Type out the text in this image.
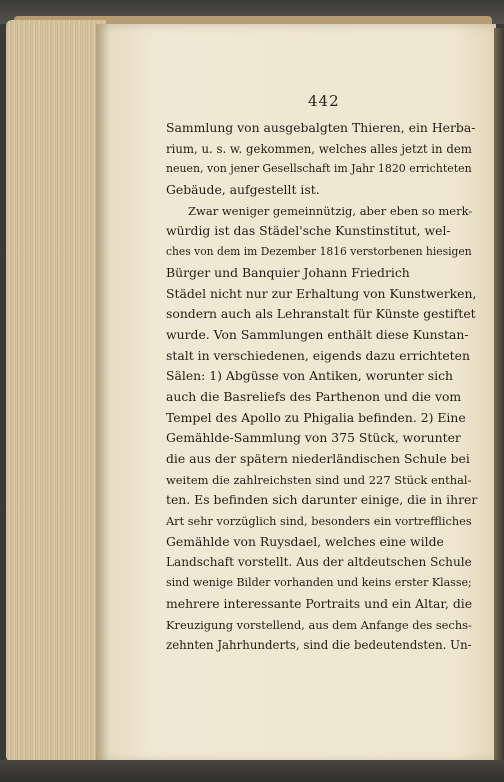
442
Sammlung von ausgebalgten Thieren, ein Herba-
rium, u. s. w. gekommen, welches alles jetzt in dem
neuen, von jener Gesellschaft im Jahr 1820 errichteten
Gebäude, aufgestellt ist.
Zwar weniger gemeinnützig, aber eben so merk-
würdig ist das Städel'sche Kunstinstitut, wel-
ches von dem im Dezember 1816 verstorbenen hiesigen
Bürger und Banquier Johann Friedrich
Städel nicht nur zur Erhaltung von Kunstwerken,
sondern auch als Lehranstalt für Künste gestiftet
wurde. Von Sammlungen enthält diese Kunstan-
stalt in verschiedenen, eigends dazu errichteten
Sälen: 1) Abgüsse von Antiken, worunter sich
auch die Basreliefs des Parthenon und die vom
Tempel des Apollo zu Phigalia befinden. 2) Eine
Gemählde-Sammlung von 375 Stück, worunter
die aus der spätern niederländischen Schule bei
weitem die zahlreichsten sind und 227 Stück enthal-
ten. Es befinden sich darunter einige, die in ihrer
Art sehr vorzüglich sind, besonders ein vortreffliches
Gemählde von Ruysdael, welches eine wilde
Landschaft vorstellt. Aus der altdeutschen Schule
sind wenige Bilder vorhanden und keins erster Klasse;
mehrere interessante Portraits und ein Altar, die
Kreuzigung vorstellend, aus dem Anfange des sechs-
zehnten Jahrhunderts, sind die bedeutendsten. Un-
